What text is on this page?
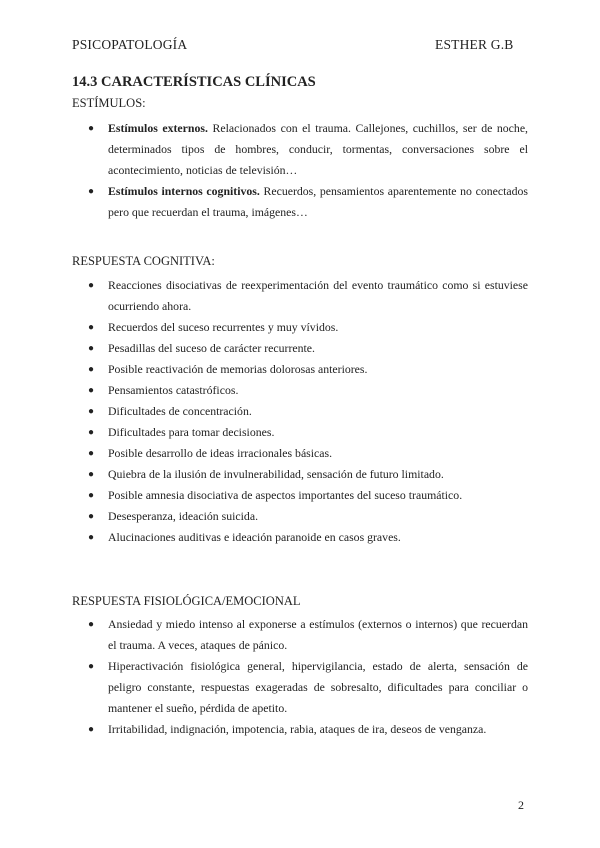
PSICOPATOLOGÍA	ESTHER G.B
14.3 CARACTERÍSTICAS CLÍNICAS
ESTÍMULOS:
● Estímulos externos. Relacionados con el trauma. Callejones, cuchillos, ser de noche, determinados tipos de hombres, conducir, tormentas, conversaciones sobre el acontecimiento, noticias de televisión…
● Estímulos internos cognitivos. Recuerdos, pensamientos aparentemente no conectados pero que recuerdan el trauma, imágenes…
RESPUESTA COGNITIVA:
● Reacciones disociativas de reexperimentación del evento traumático como si estuviese ocurriendo ahora.
● Recuerdos del suceso recurrentes y muy vívidos.
● Pesadillas del suceso de carácter recurrente.
● Posible reactivación de memorias dolorosas anteriores.
● Pensamientos catastróficos.
● Dificultades de concentración.
● Dificultades para tomar decisiones.
● Posible desarrollo de ideas irracionales básicas.
● Quiebra de la ilusión de invulnerabilidad, sensación de futuro limitado.
● Posible amnesia disociativa de aspectos importantes del suceso traumático.
● Desesperanza, ideación suicida.
● Alucinaciones auditivas e ideación paranoide en casos graves.
RESPUESTA FISIOLÓGICA/EMOCIONAL
● Ansiedad y miedo intenso al exponerse a estímulos (externos o internos) que recuerdan el trauma. A veces, ataques de pánico.
● Hiperactivación fisiológica general, hipervigilancia, estado de alerta, sensación de peligro constante, respuestas exageradas de sobresalto, dificultades para conciliar o mantener el sueño, pérdida de apetito.
● Irritabilidad, indignación, impotencia, rabia, ataques de ira, deseos de venganza.
2
